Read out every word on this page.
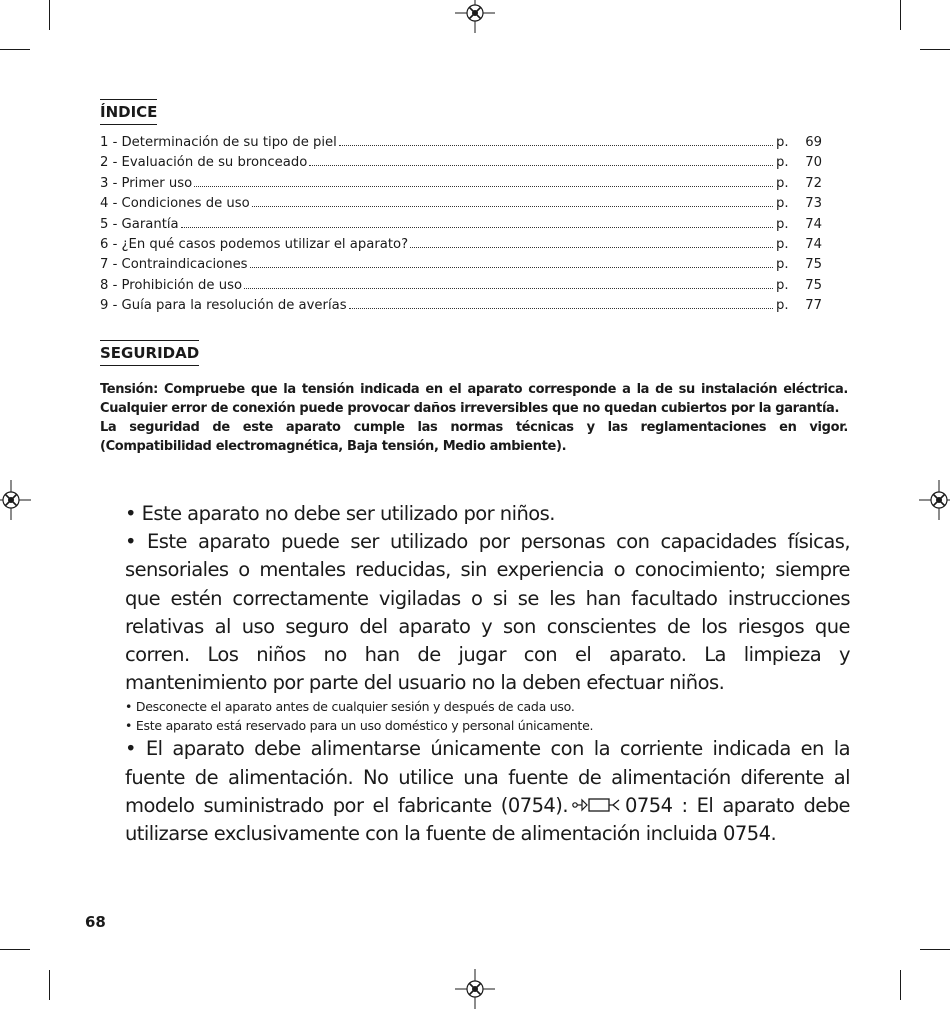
ÍNDICE
1 - Determinación de su tipo de piel	p.	69
2 - Evaluación de su bronceado	p.	70
3 - Primer uso	p.	72
4 - Condiciones de uso	p.	73
5 - Garantía	p.	74
6 - ¿En qué casos podemos utilizar el aparato?	p.	74
7 - Contraindicaciones	p.	75
8 - Prohibición de uso	p.	75
9 - Guía para la resolución de averías	p.	77
SEGURIDAD

Tensión: Compruebe que la tensión indicada en el aparato corresponde a la de su instalación eléctrica. Cualquier error de conexión puede provocar daños irreversibles que no quedan cubiertos por la garantía.

La seguridad de este aparato cumple las normas técnicas y las reglamentaciones en vigor. (Compatibilidad electromagnética, Baja tensión, Medio ambiente).

• Este aparato no debe ser utilizado por niños.

• Este aparato puede ser utilizado por personas con capacidades físicas, sensoriales o mentales reducidas, sin experiencia o conocimiento; siempre que estén correctamente vigiladas o si se les han facultado instrucciones relativas al uso seguro del aparato y son conscientes de los riesgos que corren. Los niños no han de jugar con el aparato. La limpieza y mantenimiento por parte del usuario no la deben efectuar niños.

• Desconecte el aparato antes de cualquier sesión y después de cada uso.

• Este aparato está reservado para un uso doméstico y personal únicamente.

• El aparato debe alimentarse únicamente con la corriente indicada en la fuente de alimentación. No utilice una fuente de alimentación diferente al modelo suministrado por el fabricante (0754).	0754 : El aparato debe utilizarse exclusivamente con la fuente de alimentación incluida 0754.

68
